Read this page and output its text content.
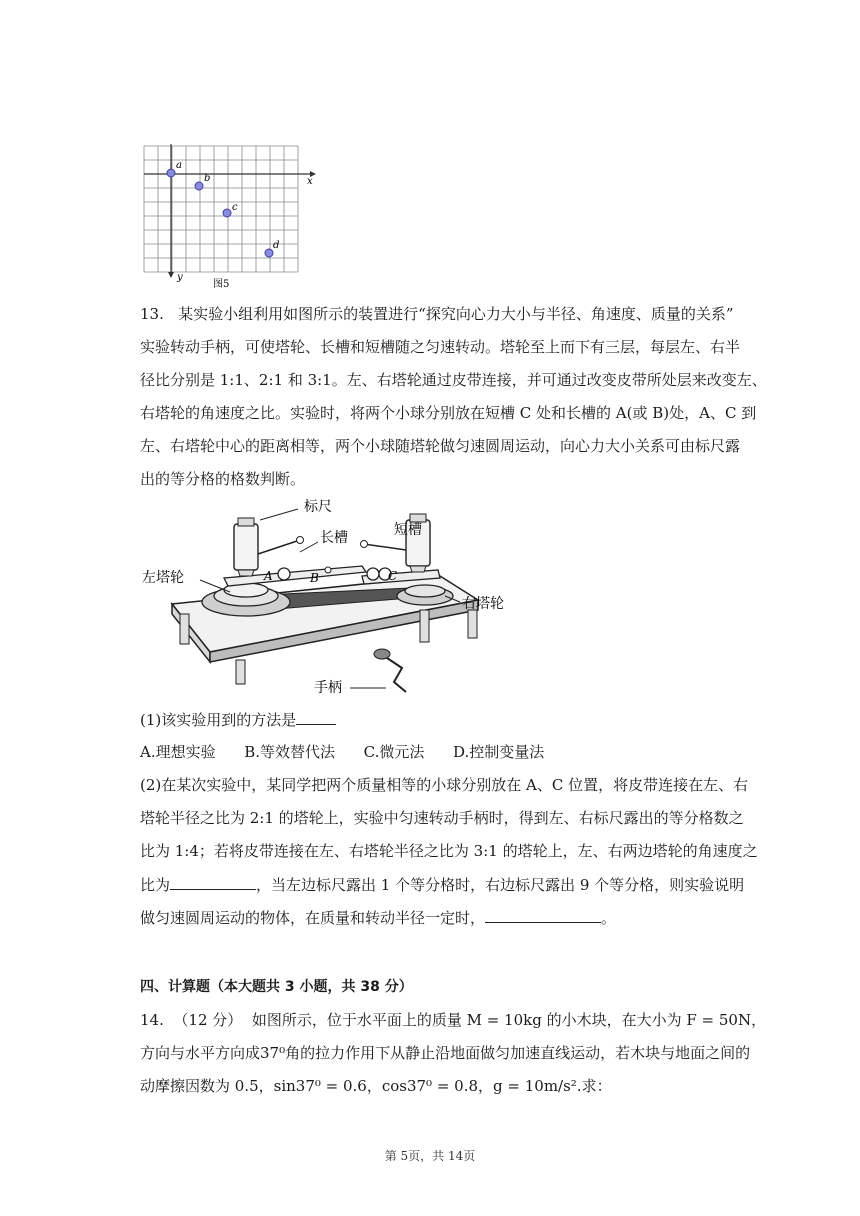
x
y
a
b
c
d
图5
13. 某实验小组利用如图所示的装置进行“探究向心力大小与半径、角速度、质量的关系”
实验转动手柄，可使塔轮、长槽和短槽随之匀速转动。塔轮至上而下有三层，每层左、右半
径比分别是 1:1、2:1 和 3:1。左、右塔轮通过皮带连接，并可通过改变皮带所处层来改变左、
右塔轮的角速度之比。实验时，将两个小球分别放在短槽 C 处和长槽的 A(或 B)处，A、C 到
左、右塔轮中心的距离相等，两个小球随塔轮做匀速圆周运动，向心力大小关系可由标尺露
出的等分格的格数判断。
标尺
长槽	短槽
左塔轮
右塔轮
手柄
A	B	C
(1)该实验用到的方法是
A.理想实验 B.等效替代法 C.微元法 D.控制变量法
(2)在某次实验中，某同学把两个质量相等的小球分别放在 A、C 位置，将皮带连接在左、右
塔轮半径之比为 2:1 的塔轮上，实验中匀速转动手柄时，得到左、右标尺露出的等分格数之
比为 1:4；若将皮带连接在左、右塔轮半径之比为 3:1 的塔轮上，左、右两边塔轮的角速度之
比为	，当左边标尺露出 1 个等分格时，右边标尺露出 9 个等分格，则实验说明
做匀速圆周运动的物体，在质量和转动半径一定时，	。
四、计算题（本大题共 3 小题，共 38 分）
14. （12 分） 如图所示，位于水平面上的质量 M = 10kg 的小木块，在大小为 F = 50N，
方向与水平方向成37⁰角的拉力作用下从静止沿地面做匀加速直线运动，若木块与地面之间的
动摩擦因数为 0.5，sin37⁰ = 0.6，cos37⁰ = 0.8，g = 10m/s².求：
第 5页，共 14页
